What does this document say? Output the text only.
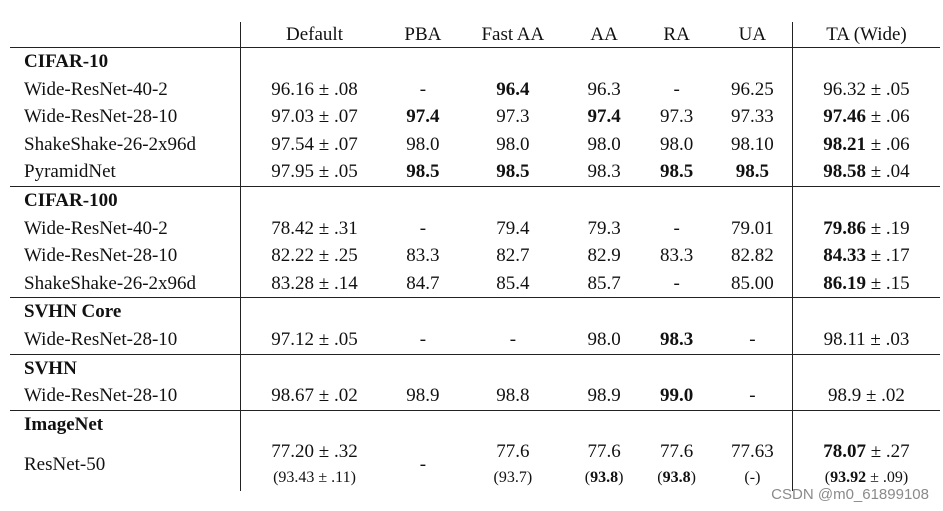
	Default	PBA	Fast AA	AA	RA	UA	TA (Wide)
CIFAR-10							
Wide-ResNet-40-2	96.16 ± .08	-	96.4	96.3	-	96.25	96.32 ± .05
Wide-ResNet-28-10	97.03 ± .07	97.4	97.3	97.4	97.3	97.33	97.46 ± .06
ShakeShake-26-2x96d	97.54 ± .07	98.0	98.0	98.0	98.0	98.10	98.21 ± .06
PyramidNet	97.95 ± .05	98.5	98.5	98.3	98.5	98.5	98.58 ± .04
CIFAR-100							
Wide-ResNet-40-2	78.42 ± .31	-	79.4	79.3	-	79.01	79.86 ± .19
Wide-ResNet-28-10	82.22 ± .25	83.3	82.7	82.9	83.3	82.82	84.33 ± .17
ShakeShake-26-2x96d	83.28 ± .14	84.7	85.4	85.7	-	85.00	86.19 ± .15
SVHN Core							
Wide-ResNet-28-10	97.12 ± .05	-	-	98.0	98.3	-	98.11 ± .03
SVHN							
Wide-ResNet-28-10	98.67 ± .02	98.9	98.8	98.9	99.0	-	98.9 ± .02
ImageNet							
ResNet-50	77.20 ± .32	-	77.6	77.6	77.6	77.63	78.07 ± .27
	(93.43 ± .11)		(93.7)	(93.8)	(93.8)	(-)	(93.92 ± .09)
CSDN @m0_61899108
